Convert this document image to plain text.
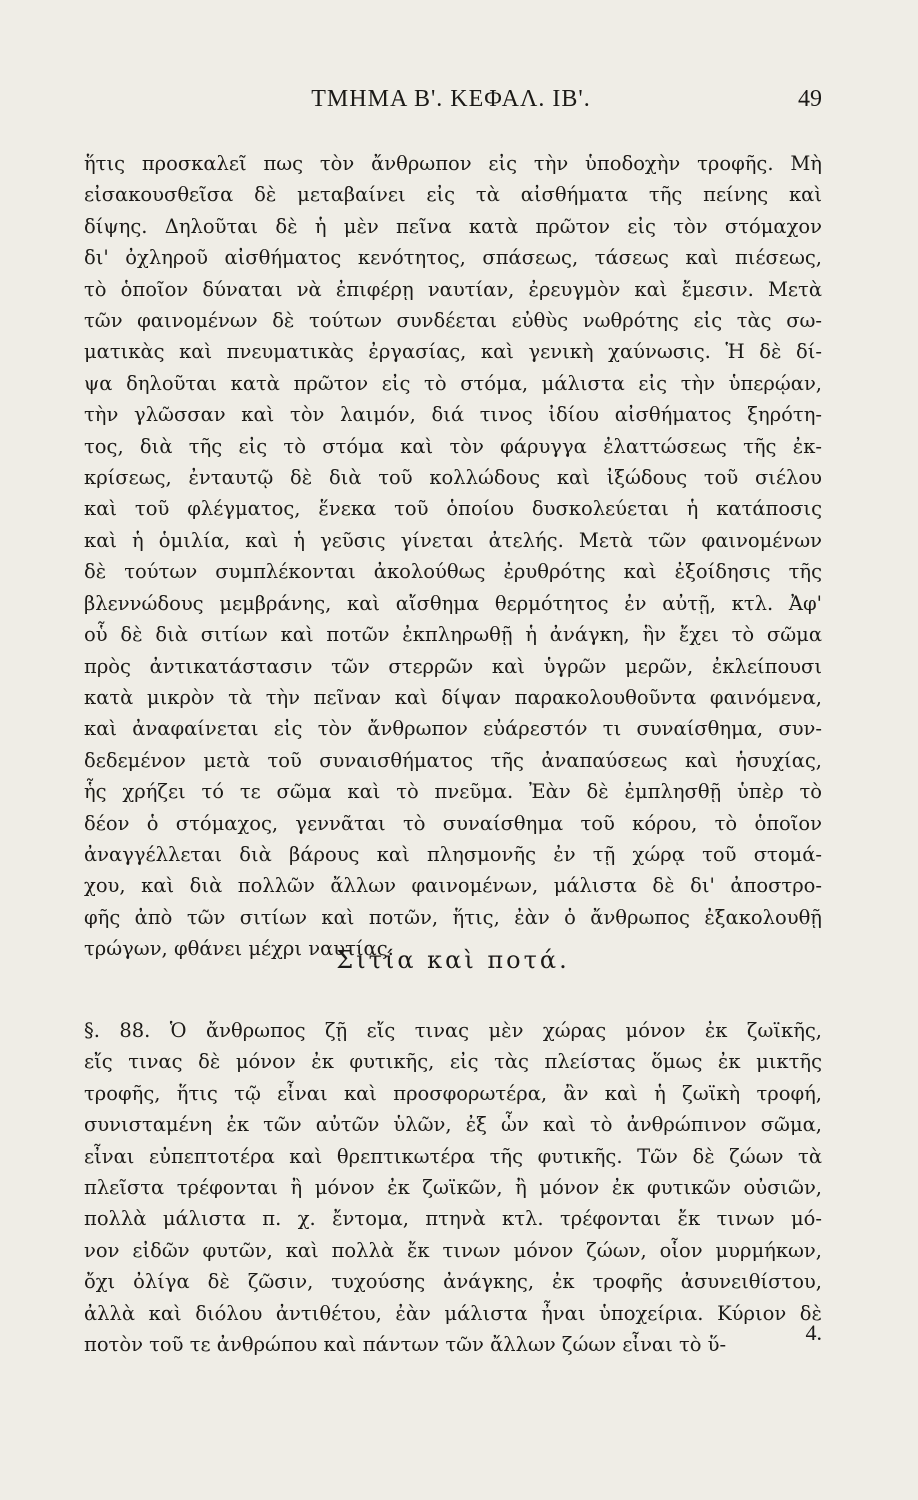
ΤΜΗΜΑ Β'. ΚΕΦΑΛ. ΙΒ'.	49
ἥτις προσκαλεῖ πως τὸν ἄνθρωπον εἰς τὴν ὑποδοχὴν τροφῆς. Μὴ
εἰσακουσθεῖσα δὲ μεταβαίνει εἰς τὰ αἰσθήματα τῆς πείνης καὶ
δίψης. Δηλοῦται δὲ ἡ μὲν πεῖνα κατὰ πρῶτον εἰς τὸν στόμαχον
δι' ὀχληροῦ αἰσθήματος κενότητος, σπάσεως, τάσεως καὶ πιέσεως,
τὸ ὁποῖον δύναται νὰ ἐπιφέρῃ ναυτίαν, ἐρευγμὸν καὶ ἔμεσιν. Μετὰ
τῶν φαινομένων δὲ τούτων συνδέεται εὐθὺς νωθρότης εἰς τὰς σω-
ματικὰς καὶ πνευματικὰς ἐργασίας, καὶ γενικὴ χαύνωσις. Ἡ δὲ δί-
ψα δηλοῦται κατὰ πρῶτον εἰς τὸ στόμα, μάλιστα εἰς τὴν ὑπερῴαν,
τὴν γλῶσσαν καὶ τὸν λαιμόν, διά τινος ἰδίου αἰσθήματος ξηρότη-
τος, διὰ τῆς εἰς τὸ στόμα καὶ τὸν φάρυγγα ἐλαττώσεως τῆς ἐκ-
κρίσεως, ἐνταυτῷ δὲ διὰ τοῦ κολλώδους καὶ ἰξώδους τοῦ σιέλου
καὶ τοῦ φλέγματος, ἕνεκα τοῦ ὁποίου δυσκολεύεται ἡ κατάποσις
καὶ ἡ ὁμιλία, καὶ ἡ γεῦσις γίνεται ἀτελής. Μετὰ τῶν φαινομένων
δὲ τούτων συμπλέκονται ἀκολούθως ἐρυθρότης καὶ ἐξοίδησις τῆς
βλεννώδους μεμβράνης, καὶ αἴσθημα θερμότητος ἐν αὐτῇ, κτλ. Ἀφ'
οὗ δὲ διὰ σιτίων καὶ ποτῶν ἐκπληρωθῇ ἡ ἀνάγκη, ἣν ἔχει τὸ σῶμα
πρὸς ἀντικατάστασιν τῶν στερρῶν καὶ ὑγρῶν μερῶν, ἐκλείπουσι
κατὰ μικρὸν τὰ τὴν πεῖναν καὶ δίψαν παρακολουθοῦντα φαινόμενα,
καὶ ἀναφαίνεται εἰς τὸν ἄνθρωπον εὐάρεστόν τι συναίσθημα, συν-
δεδεμένον μετὰ τοῦ συναισθήματος τῆς ἀναπαύσεως καὶ ἡσυχίας,
ἧς χρήζει τό τε σῶμα καὶ τὸ πνεῦμα. Ἐὰν δὲ ἐμπλησθῇ ὑπὲρ τὸ
δέον ὁ στόμαχος, γεννᾶται τὸ συναίσθημα τοῦ κόρου, τὸ ὁποῖον
ἀναγγέλλεται διὰ βάρους καὶ πλησμονῆς ἐν τῇ χώρᾳ τοῦ στομά-
χου, καὶ διὰ πολλῶν ἄλλων φαινομένων, μάλιστα δὲ δι' ἀποστρο-
φῆς ἀπὸ τῶν σιτίων καὶ ποτῶν, ἥτις, ἐὰν ὁ ἄνθρωπος ἐξακολουθῇ
τρώγων, φθάνει μέχρι ναυτίας.
Σιτία καὶ ποτά.
§. 88. Ὁ ἄνθρωπος ζῇ εἴς τινας μὲν χώρας μόνον ἐκ ζωϊκῆς,
εἴς τινας δὲ μόνον ἐκ φυτικῆς, εἰς τὰς πλείστας ὅμως ἐκ μικτῆς
τροφῆς, ἥτις τῷ εἶναι καὶ προσφορωτέρα, ἂν καὶ ἡ ζωϊκὴ τροφή,
συνισταμένη ἐκ τῶν αὐτῶν ὑλῶν, ἐξ ὧν καὶ τὸ ἀνθρώπινον σῶμα,
εἶναι εὐπεπτοτέρα καὶ θρεπτικωτέρα τῆς φυτικῆς. Τῶν δὲ ζώων τὰ
πλεῖστα τρέφονται ἢ μόνον ἐκ ζωϊκῶν, ἢ μόνον ἐκ φυτικῶν οὐσιῶν,
πολλὰ μάλιστα π. χ. ἔντομα, πτηνὰ κτλ. τρέφονται ἔκ τινων μό-
νον εἰδῶν φυτῶν, καὶ πολλὰ ἔκ τινων μόνον ζώων, οἷον μυρμήκων,
ὄχι ὀλίγα δὲ ζῶσιν, τυχούσης ἀνάγκης, ἐκ τροφῆς ἀσυνειθίστου,
ἀλλὰ καὶ διόλου ἀντιθέτου, ἐὰν μάλιστα ἦναι ὑποχείρια. Κύριον δὲ
ποτὸν τοῦ τε ἀνθρώπου καὶ πάντων τῶν ἄλλων ζώων εἶναι τὸ ὕ-	4.
